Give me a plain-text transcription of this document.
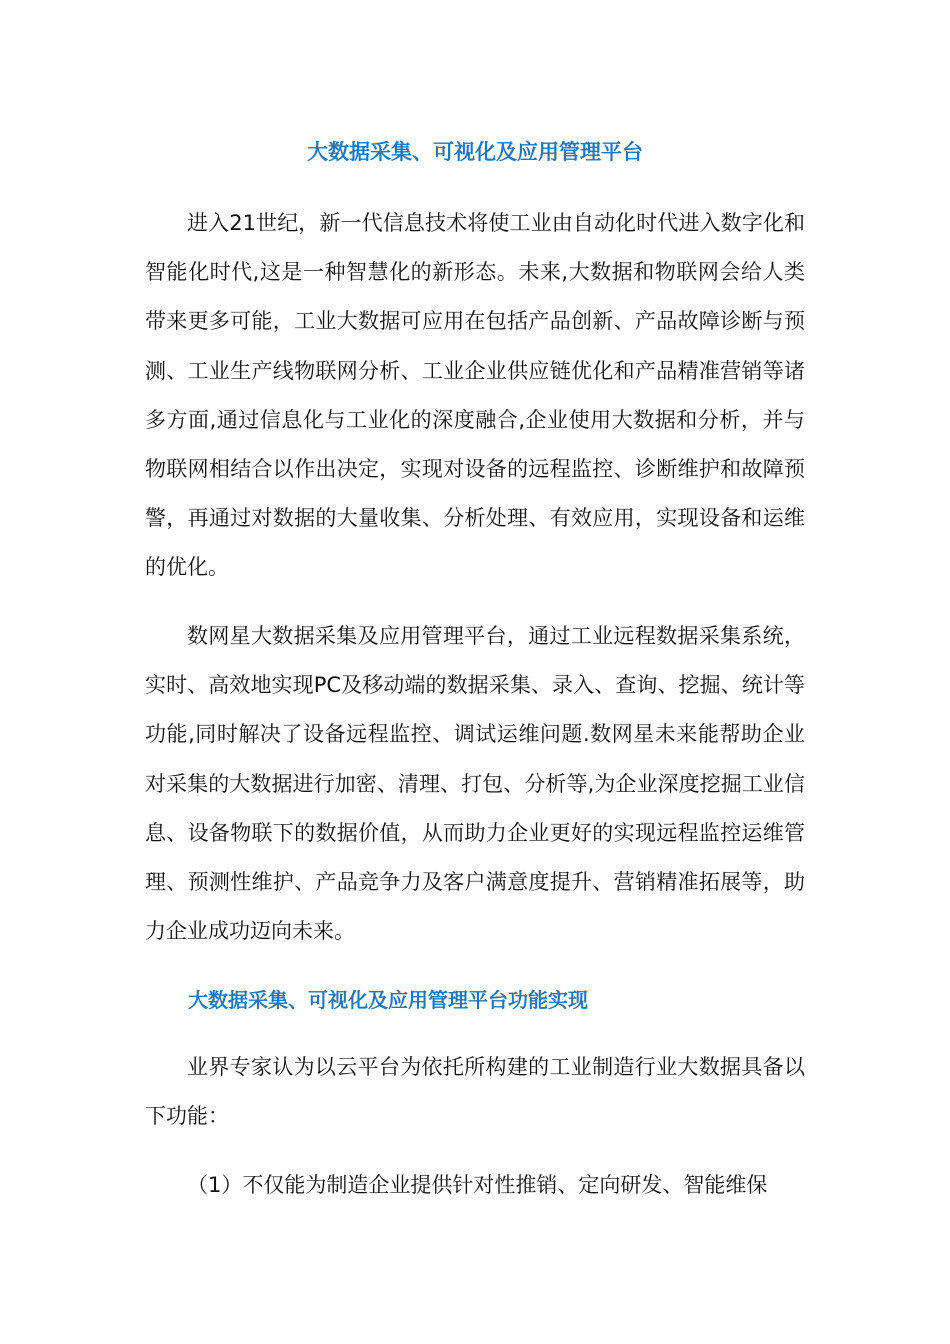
大数据采集、可视化及应用管理平台

进入21世纪，新一代信息技术将使工业由自动化时代进入数字化和智能化时代,这是一种智慧化的新形态。未来,大数据和物联网会给人类带来更多可能，工业大数据可应用在包括产品创新、产品故障诊断与预测、工业生产线物联网分析、工业企业供应链优化和产品精准营销等诸多方面,通过信息化与工业化的深度融合,企业使用大数据和分析，并与物联网相结合以作出决定，实现对设备的远程监控、诊断维护和故障预警，再通过对数据的大量收集、分析处理、有效应用，实现设备和运维的优化。

数网星大数据采集及应用管理平台，通过工业远程数据采集系统，实时、高效地实现PC及移动端的数据采集、录入、查询、挖掘、统计等功能,同时解决了设备远程监控、调试运维问题.数网星未来能帮助企业对采集的大数据进行加密、清理、打包、分析等,为企业深度挖掘工业信息、设备物联下的数据价值，从而助力企业更好的实现远程监控运维管理、预测性维护、产品竞争力及客户满意度提升、营销精准拓展等，助力企业成功迈向未来。

大数据采集、可视化及应用管理平台功能实现

业界专家认为以云平台为依托所构建的工业制造行业大数据具备以下功能：

（1）不仅能为制造企业提供针对性推销、定向研发、智能维保
